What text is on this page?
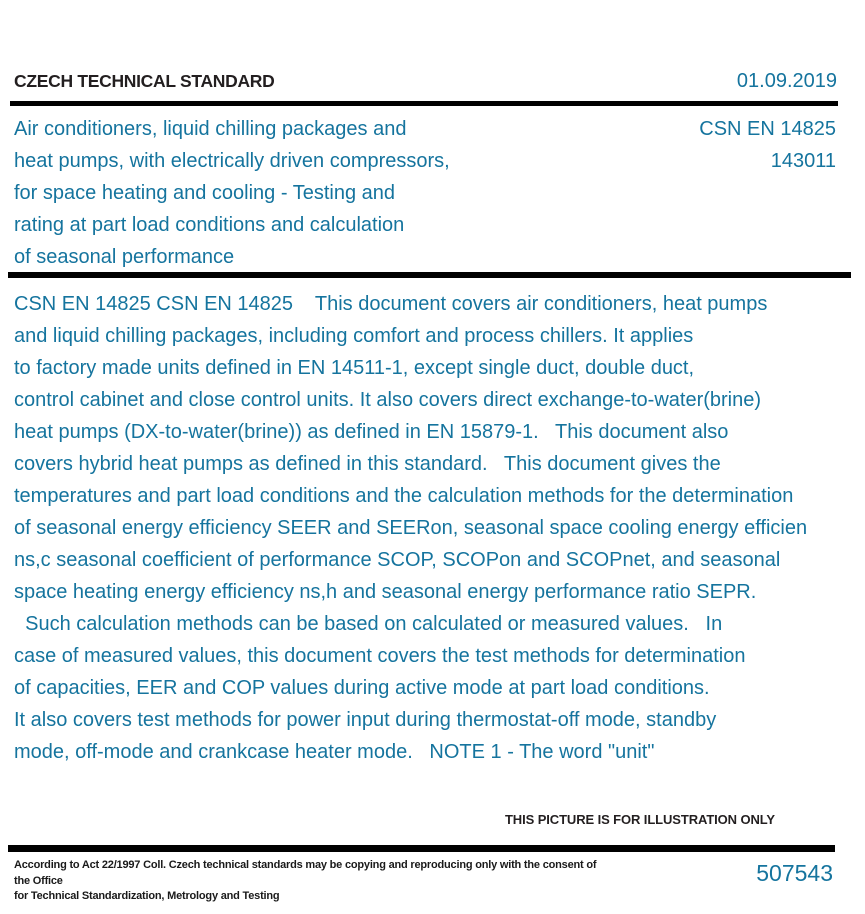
CZECH TECHNICAL STANDARD	01.09.2019
Air conditioners, liquid chilling packages and
heat pumps, with electrically driven compressors,
for space heating and cooling - Testing and
rating at part load conditions and calculation
of seasonal performance
CSN EN 14825
143011
CSN EN 14825 CSN EN 14825    This document covers air conditioners, heat pumps
and liquid chilling packages, including comfort and process chillers. It applies
to factory made units defined in EN 14511-1, except single duct, double duct,
control cabinet and close control units. It also covers direct exchange-to-water(brine)
heat pumps (DX-to-water(brine)) as defined in EN 15879-1.   This document also
covers hybrid heat pumps as defined in this standard.   This document gives the
temperatures and part load conditions and the calculation methods for the determination
of seasonal energy efficiency SEER and SEERon, seasonal space cooling energy efficien
ns,c seasonal coefficient of performance SCOP, SCOPon and SCOPnet, and seasonal
space heating energy efficiency ns,h and seasonal energy performance ratio SEPR.
Such calculation methods can be based on calculated or measured values.   In
case of measured values, this document covers the test methods for determination
of capacities, EER and COP values during active mode at part load conditions.
It also covers test methods for power input during thermostat-off mode, standby
mode, off-mode and crankcase heater mode.   NOTE 1 - The word "unit"
THIS PICTURE IS FOR ILLUSTRATION ONLY
According to Act 22/1997 Coll. Czech technical standards may be copying and reproducing only with the consent of the Office
for Technical Standardization, Metrology and Testing
507543
